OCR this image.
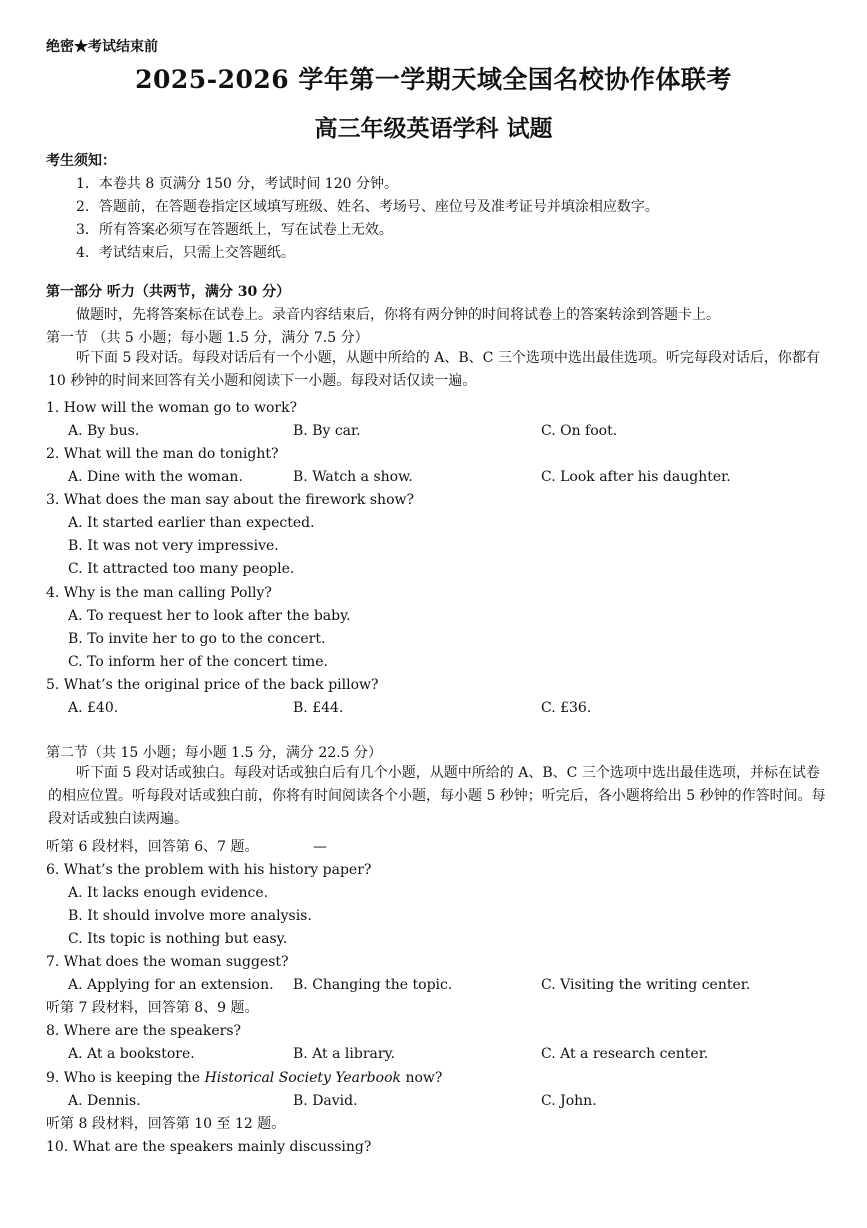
绝密★考试结束前
2025-2026 学年第一学期天域全国名校协作体联考
高三年级英语学科 试题
考生须知：
1．本卷共 8 页满分 150 分，考试时间 120 分钟。
2．答题前，在答题卷指定区域填写班级、姓名、考场号、座位号及准考证号并填涂相应数字。
3．所有答案必须写在答题纸上，写在试卷上无效。
4．考试结束后，只需上交答题纸。
第一部分 听力（共两节，满分 30 分）
做题时，先将答案标在试卷上。录音内容结束后，你将有两分钟的时间将试卷上的答案转涂到答题卡上。
第一节 （共 5 小题；每小题 1.5 分，满分 7.5 分）
听下面 5 段对话。每段对话后有一个小题，从题中所给的 A、B、C 三个选项中选出最佳选项。听完每段对话后，你都有 10 秒钟的时间来回答有关小题和阅读下一小题。每段对话仅读一遍。
1. How will the woman go to work?
A. By bus.	B. By car.	C. On foot.
2. What will the man do tonight?
A. Dine with the woman.	B. Watch a show.	C. Look after his daughter.
3. What does the man say about the firework show?
A. It started earlier than expected.
B. It was not very impressive.
C. It attracted too many people.
4. Why is the man calling Polly?
A. To request her to look after the baby.
B. To invite her to go to the concert.
C. To inform her of the concert time.
5. What’s the original price of the back pillow?
A. £40.	B. £44.	C. £36.
第二节（共 15 小题；每小题 1.5 分，满分 22.5 分）
听下面 5 段对话或独白。每段对话或独白后有几个小题，从题中所给的 A、B、C 三个选项中选出最佳选项，并标在试卷的相应位置。听每段对话或独白前，你将有时间阅读各个小题，每小题 5 秒钟；听完后，各小题将给出 5 秒钟的作答时间。每段对话或独白读两遍。
听第 6 段材料，回答第 6、7 题。	—
6. What’s the problem with his history paper?
A. It lacks enough evidence.
B. It should involve more analysis.
C. Its topic is nothing but easy.
7. What does the woman suggest?
A. Applying for an extension. B. Changing the topic.	C. Visiting the writing center.
听第 7 段材料，回答第 8、9 题。
8. Where are the speakers?
A. At a bookstore.	B. At a library.	C. At a research center.
9. Who is keeping the Historical Society Yearbook now?
A. Dennis.	B. David.	C. John.
听第 8 段材料，回答第 10 至 12 题。
10. What are the speakers mainly discussing?
